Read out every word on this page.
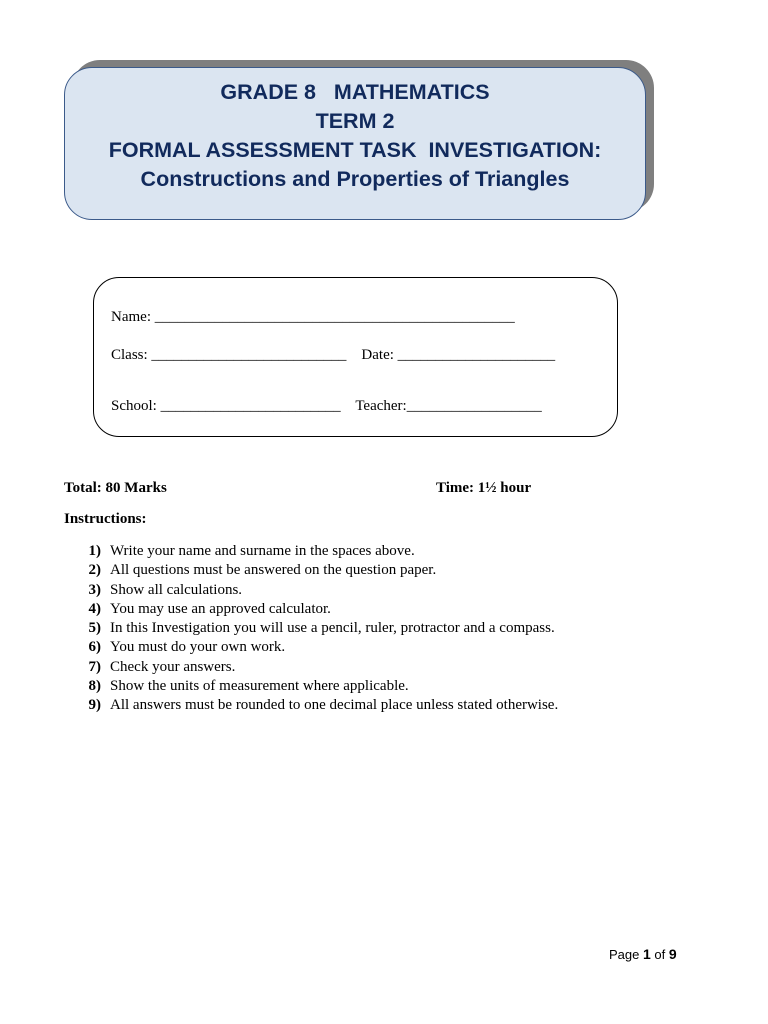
GRADE 8   MATHEMATICS
TERM 2
FORMAL ASSESSMENT TASK  INVESTIGATION:
Constructions and Properties of Triangles
Name: ________________________________________________
Class: __________________________    Date: _____________________
School: ________________________    Teacher:__________________
Total: 80 Marks	Time: 1½ hour
Instructions:
1) Write your name and surname in the spaces above.
2) All questions must be answered on the question paper.
3) Show all calculations.
4) You may use an approved calculator.
5) In this Investigation you will use a pencil, ruler, protractor and a compass.
6) You must do your own work.
7) Check your answers.
8) Show the units of measurement where applicable.
9) All answers must be rounded to one decimal place unless stated otherwise.
Page 1 of 9
